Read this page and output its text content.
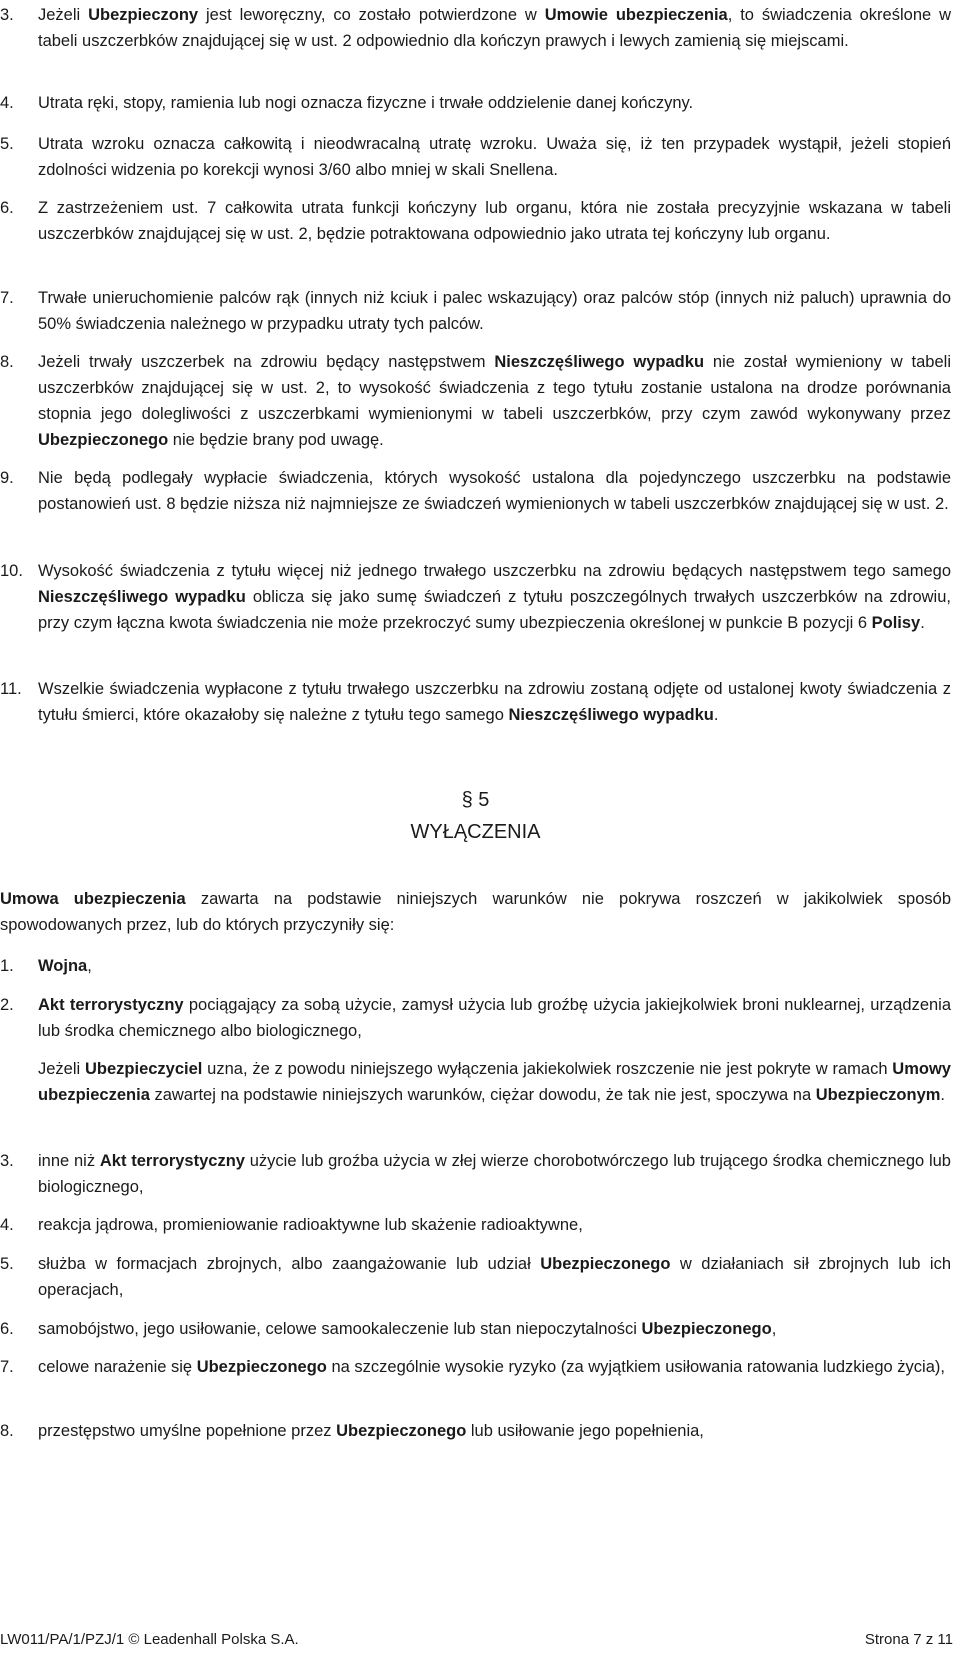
3.	Jeżeli Ubezpieczony jest leworęczny, co zostało potwierdzone w Umowie ubezpieczenia, to świadczenia określone w tabeli uszczerbków znajdującej się w ust. 2 odpowiednio dla kończyn prawych i lewych zamienią się miejscami.
4.	Utrata ręki, stopy, ramienia lub nogi oznacza fizyczne i trwałe oddzielenie danej kończyny.
5.	Utrata wzroku oznacza całkowitą i nieodwracalną utratę wzroku. Uważa się, iż ten przypadek wystąpił, jeżeli stopień zdolności widzenia po korekcji wynosi 3/60 albo mniej w skali Snellena.
6.	Z zastrzeżeniem ust. 7 całkowita utrata funkcji kończyny lub organu, która nie została precyzyjnie wskazana w tabeli uszczerbków znajdującej się w ust. 2, będzie potraktowana odpowiednio jako utrata tej kończyny lub organu.
7.	Trwałe unieruchomienie palców rąk (innych niż kciuk i palec wskazujący) oraz palców stóp (innych niż paluch) uprawnia do 50% świadczenia należnego w przypadku utraty tych palców.
8.	Jeżeli trwały uszczerbek na zdrowiu będący następstwem Nieszczęśliwego wypadku nie został wymieniony w tabeli uszczerbków znajdującej się w ust. 2, to wysokość świadczenia z tego tytułu zostanie ustalona na drodze porównania stopnia jego dolegliwości z uszczerbkami wymienionymi w tabeli uszczerbków, przy czym zawód wykonywany przez Ubezpieczonego nie będzie brany pod uwagę.
9.	Nie będą podlegały wypłacie świadczenia, których wysokość ustalona dla pojedynczego uszczerbku na podstawie postanowień ust. 8 będzie niższa niż najmniejsze ze świadczeń wymienionych w tabeli uszczerbków znajdującej się w ust. 2.
10. Wysokość świadczenia z tytułu więcej niż jednego trwałego uszczerbku na zdrowiu będących następstwem tego samego Nieszczęśliwego wypadku oblicza się jako sumę świadczeń z tytułu poszczególnych trwałych uszczerbków na zdrowiu, przy czym łączna kwota świadczenia nie może przekroczyć sumy ubezpieczenia określonej w punkcie B pozycji 6 Polisy.
11. Wszelkie świadczenia wypłacone z tytułu trwałego uszczerbku na zdrowiu zostaną odjęte od ustalonej kwoty świadczenia z tytułu śmierci, które okazałoby się należne z tytułu tego samego Nieszczęśliwego wypadku.
§ 5
WYŁĄCZENIA
Umowa ubezpieczenia zawarta na podstawie niniejszych warunków nie pokrywa roszczeń w jakikolwiek sposób spowodowanych przez, lub do których przyczyniły się:
1.	Wojna,
2.	Akt terrorystyczny pociągający za sobą użycie, zamysł użycia lub groźbę użycia jakiejkolwiek broni nuklearnej, urządzenia lub środka chemicznego albo biologicznego,
Jeżeli Ubezpieczyciel uzna, że z powodu niniejszego wyłączenia jakiekolwiek roszczenie nie jest pokryte w ramach Umowy ubezpieczenia zawartej na podstawie niniejszych warunków, ciężar dowodu, że tak nie jest, spoczywa na Ubezpieczonym.
3.	inne niż Akt terrorystyczny użycie lub groźba użycia w złej wierze chorobotwórczego lub trującego środka chemicznego lub biologicznego,
4.	reakcja jądrowa, promieniowanie radioaktywne lub skażenie radioaktywne,
5.	służba w formacjach zbrojnych, albo zaangażowanie lub udział Ubezpieczonego w działaniach sił zbrojnych lub ich operacjach,
6.	samobójstwo, jego usiłowanie, celowe samookaleczenie lub stan niepoczytalności Ubezpieczonego,
7.	celowe narażenie się Ubezpieczonego na szczególnie wysokie ryzyko (za wyjątkiem usiłowania ratowania ludzkiego życia),
8.	przestępstwo umyślne popełnione przez Ubezpieczonego lub usiłowanie jego popełnienia,
LW011/PA/1/PZJ/1 © Leadenhall Polska S.A.	Strona 7 z 11
